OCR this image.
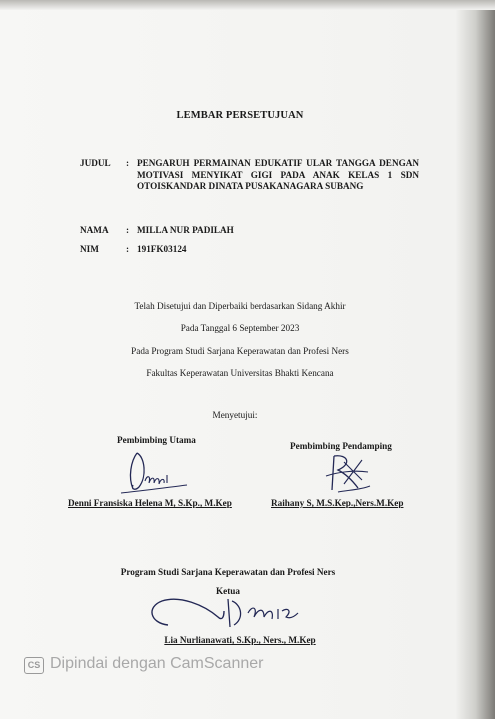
LEMBAR PERSETUJUAN
JUDUL : PENGARUH PERMAINAN EDUKATIF ULAR TANGGA DENGAN MOTIVASI MENYIKAT GIGI PADA ANAK KELAS 1 SDN OTOISKANDAR DINATA PUSAKANAGARA SUBANG
NAMA : MILLA NUR PADILAH
NIM	: 191FK03124
Telah Disetujui dan Diperbaiki berdasarkan Sidang Akhir
Pada Tanggal 6 September 2023
Pada Program Studi Sarjana Keperawatan dan Profesi Ners
Fakultas Keperawatan Universitas Bhakti Kencana
Menyetujui:
Pembimbing Utama
Pembimbing Pendamping
Denni Fransiska Helena M, S.Kp., M.Kep	Raihany S, M.S.Kep.,Ners.M.Kep
Program Studi Sarjana Keperawatan dan Profesi Ners
Ketua
Lia Nurlianawati, S.Kp., Ners., M.Kep
CS Dipindai dengan CamScanner
